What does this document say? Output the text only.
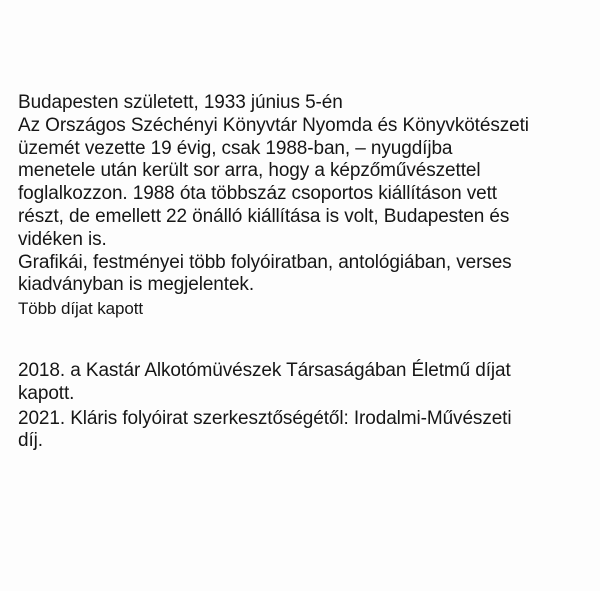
Budapesten született, 1933 június 5-én
Az Országos Széchényi Könyvtár Nyomda és Könyvkötészeti
üzemét vezette 19 évig, csak 1988-ban, – nyugdíjba
menetele után került sor arra, hogy a képzőművészettel
foglalkozzon. 1988 óta többszáz csoportos kiállításon vett
részt, de emellett 22 önálló kiállítása is volt, Budapesten és
vidéken is.
Grafikái, festményei több folyóiratban, antológiában, verses
kiadványban is megjelentek.
Több díjat kapott
2018. a Kastár Alkotómüvészek Társaságában Életmű díjat
kapott.
2021. Kláris folyóirat szerkesztőségétől: Irodalmi-Művészeti
díj.
